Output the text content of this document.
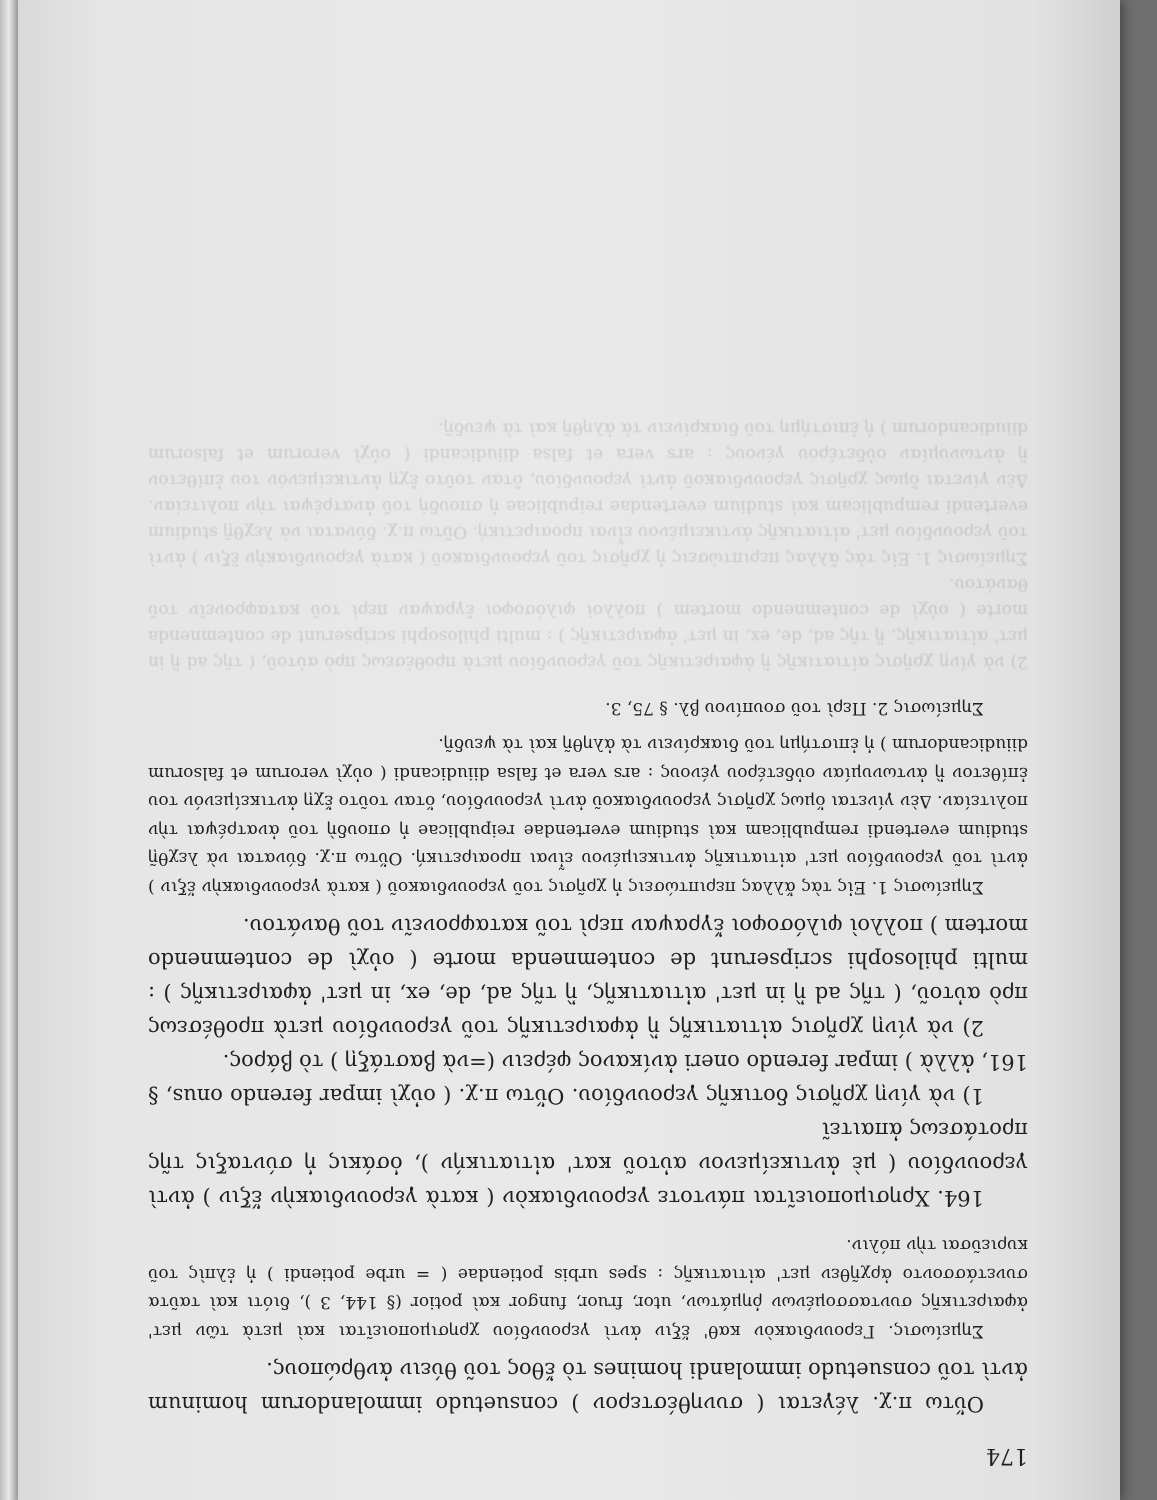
174

Οὕτω π.χ. λέγεται ( συνηθέστερον ) consuetudo immolandorum hominum ἀντὶ τοῦ consuetudo immolandi homines τὸ ἔθος τοῦ θύειν ἀνθρώπους.

Σημείωσις. Γερουνδιακὸν καθ' ἕξιν ἀντὶ γερουνδίου χρησιμοποιεῖται καὶ μετὰ τῶν μετ' ἀφαιρετικῆς συντασσομένων ῥημάτων, utor, fruor, fungor καὶ potior (§ 144, 3 ), διότι καὶ ταῦτα συνετάσσοντο ἀρχῆθεν μετ' αἰτιατικῆς : spes urbis potiendae ( = urbe potiendi ) ἡ ἐλπὶς τοῦ κυριεῦσαι τὴν πόλιν.

164. Χρησιμοποιεῖται πάντοτε γερουνδιακὸν ( κατὰ γερουνδιακὴν ἕξιν ) ἀντὶ γερουνδίου ( μὲ ἀντικείμενον αὐτοῦ κατ' αἰτιατικήν ), ὁσάκις ἡ σύνταξις τῆς προτάσεως ἀπαιτεῖ

1) νὰ γίνῃ χρῆσις δοτικῆς γερουνδίου. Οὕτω π.χ. ( οὐχὶ impar ferendo onus, § 161, ἀλλὰ ) impar ferendo oneri ἀνίκανος φέρειν (=νὰ βαστάξῃ ) τὸ βάρος.

2) νὰ γίνῃ χρῆσις αἰτιατικῆς ἢ ἀφαιρετικῆς τοῦ γερουνδίου μετὰ προθέσεως πρὸ αὐτοῦ, ( τῆς ad ἢ in μετ' αἰτιατικῆς, ἢ τῆς ad, de, ex, in μετ' ἀφαιρετικῆς ) : multi philosophi scripserunt de contemnenda morte ( οὐχὶ de contemnendo mortem ) πολλοὶ φιλόσοφοι ἔγραψαν περὶ τοῦ καταφρονεῖν τοῦ θανάτου.

Σημείωσις 1. Εἰς τὰς ἄλλας περιπτώσεις ἡ χρῆσις τοῦ γερουνδιακοῦ ( κατὰ γερουνδιακὴν ἕξιν ) ἀντὶ τοῦ γερουνδίου μετ' αἰτιατικῆς ἀντικειμένου εἶναι προαιρετική. Οὕτω π.χ. δύναται νὰ λεχθῇ studium evertendi rempublicam καὶ studium evertendae reipublicae ἡ σπουδὴ τοῦ ἀνατρέψαι τὴν πολιτείαν. Δὲν γίνεται ὅμως χρῆσις γερουνδιακοῦ ἀντὶ γερουνδίου, ὅταν τοῦτο ἔχῃ ἀντικείμενόν του ἐπίθετον ἢ ἀντωνυμίαν οὐδετέρου γένους : ars vera et falsa diiudicandi ( οὐχὶ verorum et falsorum diiudicandorum ) ἡ ἐπιστήμη τοῦ διακρίνειν τὰ ἀληθῆ καὶ τὰ ψευδῆ.

Σημείωσις 2. Περὶ τοῦ σουπίνου βλ. § 75, 3.

2) νὰ γίνῃ χρῆσις αἰτιατικῆς ἢ ἀφαιρετικῆς τοῦ γερουνδίου μετὰ προθέσεως πρὸ αὐτοῦ, ( τῆς ad ἢ in μετ' αἰτιατικῆς, ἢ τῆς ad, de, ex, in μετ' ἀφαιρετικῆς ) : multi philosophi scripserunt de contemnenda morte ( οὐχὶ de contemnendo mortem ) πολλοὶ φιλόσοφοι ἔγραψαν περὶ τοῦ καταφρονεῖν τοῦ θανάτου.

Σημείωσις 1. Εἰς τὰς ἄλλας περιπτώσεις ἡ χρῆσις τοῦ γερουνδιακοῦ ( κατὰ γερουνδιακὴν ἕξιν ) ἀντὶ τοῦ γερουνδίου μετ' αἰτιατικῆς ἀντικειμένου εἶναι προαιρετική. Οὕτω π.χ. δύναται νὰ λεχθῇ studium evertendi rempublicam καὶ studium evertendae reipublicae ἡ σπουδὴ τοῦ ἀνατρέψαι τὴν πολιτείαν. Δὲν γίνεται ὅμως χρῆσις γερουνδιακοῦ ἀντὶ γερουνδίου, ὅταν τοῦτο ἔχῃ ἀντικείμενόν του ἐπίθετον ἢ ἀντωνυμίαν οὐδετέρου γένους : ars vera et falsa diiudicandi ( οὐχὶ verorum et falsorum diiudicandorum ) ἡ ἐπιστήμη τοῦ διακρίνειν τὰ ἀληθῆ καὶ τὰ ψευδῆ.
